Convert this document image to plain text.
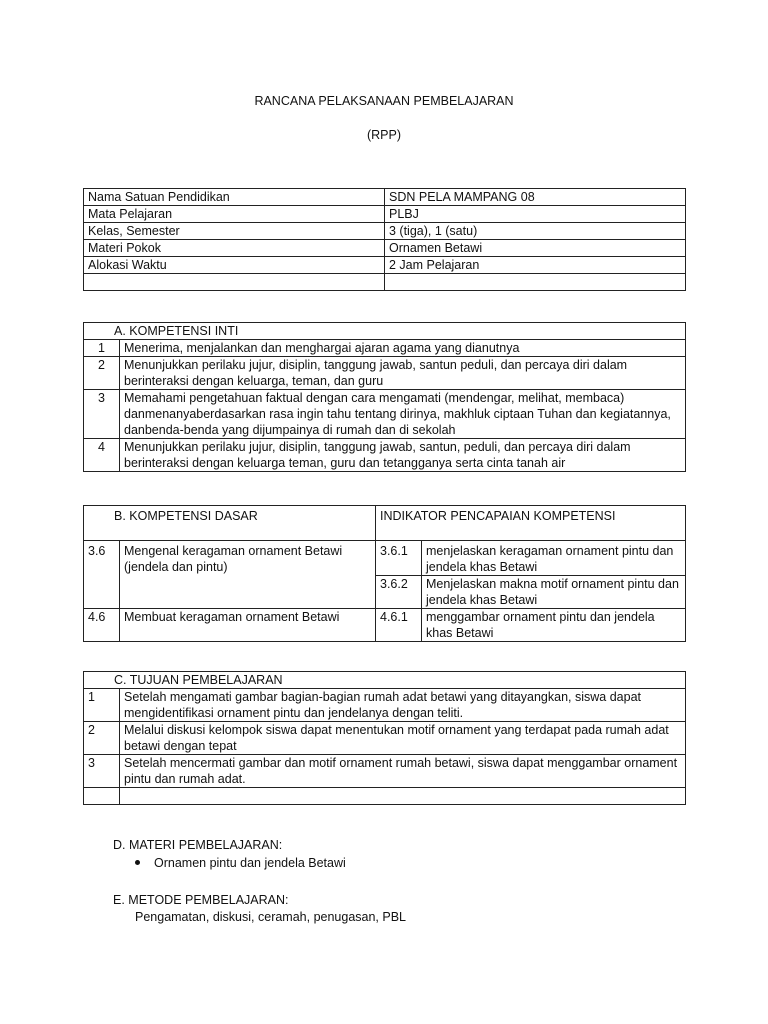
RANCANA PELAKSANAAN PEMBELAJARAN
(RPP)
Nama Satuan Pendidikan	SDN PELA MAMPANG 08
Mata Pelajaran	PLBJ
Kelas, Semester	3 (tiga), 1 (satu)
Materi Pokok	Ornamen Betawi
Alokasi Waktu	2 Jam Pelajaran

A. KOMPETENSI INTI	
1	Menerima, menjalankan dan menghargai ajaran agama yang dianutnya
2	Menunjukkan perilaku jujur, disiplin, tanggung jawab, santun peduli, dan percaya diri dalam berinteraksi dengan keluarga, teman, dan guru
3	Memahami pengetahuan faktual dengan cara mengamati (mendengar, melihat, membaca) danmenanyaberdasarkan rasa ingin tahu tentang dirinya, makhluk ciptaan Tuhan dan kegiatannya, danbenda-benda yang dijumpainya di rumah dan di sekolah
4	Menunjukkan perilaku jujur, disiplin, tanggung jawab, santun, peduli, dan percaya diri dalam berinteraksi dengan keluarga teman, guru dan tetangganya serta cinta tanah air
B. KOMPETENSI DASAR		INDIKATOR PENCAPAIAN KOMPETENSI	
3.6	Mengenal keragaman ornament Betawi (jendela dan pintu)	3.6.1	menjelaskan keragaman ornament pintu dan jendela khas Betawi
		3.6.2	Menjelaskan makna motif ornament pintu dan jendela khas Betawi
4.6	Membuat keragaman ornament Betawi	4.6.1	menggambar ornament pintu dan jendela khas Betawi
C. TUJUAN PEMBELAJARAN	
1	Setelah mengamati gambar bagian-bagian rumah adat betawi yang ditayangkan, siswa dapat mengidentifikasi ornament pintu dan jendelanya dengan teliti.
2	Melalui diskusi kelompok siswa dapat menentukan motif ornament yang terdapat pada rumah adat betawi dengan tepat
3	Setelah mencermati gambar dan motif ornament rumah betawi, siswa dapat menggambar ornament pintu dan rumah adat.

D. MATERI PEMBELAJARAN:
Ornamen pintu dan jendela Betawi
E. METODE PEMBELAJARAN:
Pengamatan, diskusi, ceramah, penugasan, PBL
